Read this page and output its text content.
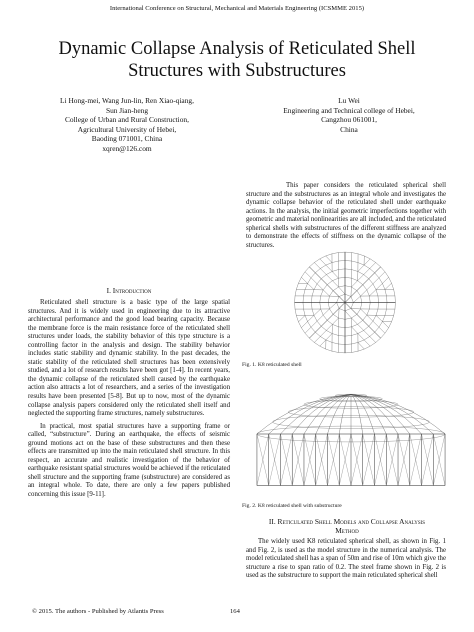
International Conference on Structural, Mechanical and Materials Engineering (ICSMME 2015)
Dynamic Collapse Analysis of Reticulated Shell
Structures with Substructures
Li Hong-mei, Wang Jun-lin, Ren Xiao-qiang,
Sun Jian-heng
College of Urban and Rural Construction,
Agricultural University of Hebei,
Baoding 071001, China
xqren@126.com
Lu Wei
Engineering and Technical college of Hebei,
Cangzhou 061001,
China
I. Introduction

Reticulated shell structure is a basic type of the large spatial structures. And it is widely used in engineering due to its attractive architectural performance and the good load bearing capacity. Because the membrane force is the main resistance force of the reticulated shell structures under loads, the stability behavior of this type structure is a controlling factor in the analysis and design. The stability behavior includes static stability and dynamic stability. In the past decades, the static stability of the reticulated shell structures has been extensively studied, and a lot of research results have been got [1-4]. In recent years, the dynamic collapse of the reticulated shell caused by the earthquake action also attracts a lot of researchers, and a series of the investigation results have been presented [5-8]. But up to now, most of the dynamic collapse analysis papers considered only the reticulated shell itself and neglected the supporting frame structures, namely substructures.

In practical, most spatial structures have a supporting frame or called, “substructure”. During an earthquake, the effects of seismic ground motions act on the base of these substructures and then these effects are transmitted up into the main reticulated shell structure. In this respect, an accurate and realistic investigation of the behavior of earthquake resistant spatial structures would be achieved if the reticulated shell structure and the supporting frame (substructure) are considered as an integral whole. To date, there are only a few papers published concerning this issue [9-11].

This paper considers the reticulated spherical shell structure and the substructures as an integral whole and investigates the dynamic collapse behavior of the reticulated shell under earthquake actions. In the analysis, the initial geometric imperfections together with geometric and material nonlinearities are all included, and the reticulated spherical shells with substructures of the different stiffness are analyzed to demonstrate the effects of stiffness on the dynamic collapse of the structures.

Fig. 1. K8 reticulated shell
Fig. 2. K8 reticulated shell with substructure
II. Reticulated Shell Models and Collapse Analysis
Method

The widely used K8 reticulated spherical shell, as shown in Fig. 1 and Fig. 2, is used as the model structure in the numerical analysis. The model reticulated shell has a span of 50m and rise of 10m which give the structure a rise to span ratio of 0.2. The steel frame shown in Fig. 2 is used as the substructure to support the main reticulated spherical shell

© 2015. The authors - Published by Atlantis Press	164
